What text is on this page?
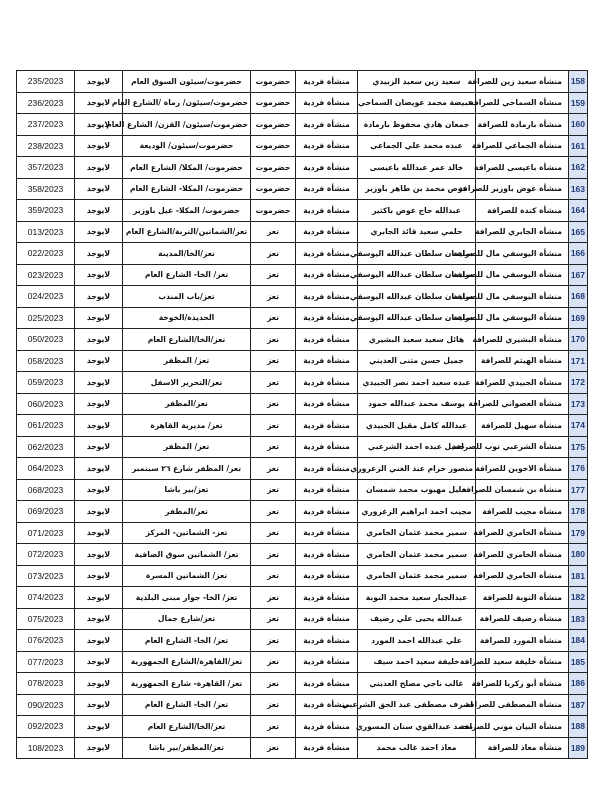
158	منشأة سعيد زين للصرافة	سعيد زين سعيد الزبيدي	منشأة فردية	حضرموت	حضرموت/سيئون السوق العام	لايوجد	235/2023
159	منشأة السماحي للصرافة	عبيضة محمد عويضان السماحي	منشأة فردية	حضرموت	حضرموت/سيئون/ رماة /الشارع العام	لايوجد	236/2023
160	منشأة بارمادة للصرافة	جمعان هادي محفوظ بارمادة	منشأة فردية	حضرموت	حضرموت/سيئون/ القزن/ الشارع العام	لايوجد	237/2023
161	منشأة الجماعي للصرافة	عبده محمد علي الجماعي	منشأة فردية	حضرموت	حضرموت/سيئون/ الوديعة	لايوجد	238/2023
162	منشأة باعيسى للصرافة	خالد عمر عبدالله باعيسى	منشأة فردية	حضرموت	حضرموت/ المكلا/ الشارع العام	لايوجد	357/2023
163	منشأة عوض باوزير للصرافة	عوض محمد بن طاهر باوزير	منشأة فردية	حضرموت	حضرموت/ المكلا- الشارع العام	لايوجد	358/2023
164	منشأة كندة للصرافة	عبدالله حاج عوض باكثير	منشأة فردية	حضرموت	حضرموت/ المكلا- غيل باوزير	لايوجد	359/2023
165	منشأة الجابري للصرافة	حلمي سعيد قائد الجابري	منشأة فردية	تعز	تعز/الشماتين/التربة/الشارع العام	لايوجد	013/2023
166	منشأة اليوسفي مال للصرافة	سليمان سلطان عبدالله اليوسفي	منشأة فردية	تعز	تعز/الخا/المدينة	لايوجد	022/2023
167	منشأة اليوسفي مال للصرافة	سليمان سلطان عبدالله اليوسفي	منشأة فردية	تعز	تعز/ الخا- الشارع العام	لايوجد	023/2023
168	منشأة اليوسفي مال للصرافة	سليمان سلطان عبدالله اليوسفي	منشأة فردية	تعز	تعز/باب المندب	لايوجد	024/2023
169	منشأة اليوسفي مال للصرافة	سليمان سلطان عبدالله اليوسفي	منشأة فردية	تعز	الحديدة/الخوخة	لايوجد	025/2023
170	منشأة البشيري للصرافة	هائل سعيد سعيد البشيري	منشأة فردية	تعز	تعز/الخا/الشارع العام	لايوجد	050/2023
171	منشأة الهيثم للصرافة	جميل حسن مثنى العديني	منشأة فردية	تعز	تعز/ المظفر	لايوجد	058/2023
172	منشأة الجبيدي للصرافة	عبده سعيد احمد نصر الجبيدي	منشأة فردية	تعز	تعز/التحرير الاسفل	لايوجد	059/2023
173	منشأة العصواني للصرافة	يوسف محمد عبدالله حمود	منشأة فردية	تعز	تعز/المظفر	لايوجد	060/2023
174	منشأة سهيل للصرافة	عبدالله كامل مقبل الجبيدي	منشأة فردية	تعز	تعز/ مديرية القاهرة	لايوجد	061/2023
175	منشأة الشرعبي توب للصرافة	جميل عبده احمد الشرعبي	منشأة فردية	تعز	تعز/ المظفر	لايوجد	062/2023
176	منشأة الاخوين للصرافة	منصور حزام عبد الغني الزعروري	منشأة فردية	تعز	تعز/ المظفر شارع ٢٦ سبتمبر	لايوجد	064/2023
177	منشأة بن شمسان للصرافة	خليل مهيوب محمد شمسان	منشأة فردية	تعز	تعز/بير باشا	لايوجد	068/2023
178	منشأة مجيب للصرافة	مجيب احمد ابراهيم الزغروري	منشأة فردية	تعز	تعز/المظفر	لايوجد	069/2023
179	منشأة الخامري للصرافة	سمير محمد عثمان الخامري	منشأة فردية	تعز	تعز- الشماتين- المركز	لايوجد	071/2023
180	منشأة الخامري للصرافة	سمير محمد عثمان الخامري	منشأة فردية	تعز	تعز/ الشماتين سوق الصافية	لايوجد	072/2023
181	منشأة الخامري للصرافة	سمير محمد عثمان الخامري	منشأة فردية	تعز	تعز/ الشماتين المسرة	لايوجد	073/2023
182	منشأة النوبة للصرافة	عبدالجبار سعيد محمد النوبة	منشأة فردية	تعز	تعز/ الخا- جوار مبنى البلدية	لايوجد	074/2023
183	منشأة رضيف للصرافة	عبدالله يحيى علي رضيف	منشأة فردية	تعز	تعز/شارع جمال	لايوجد	075/2023
184	منشأة المورد للصرافة	علي عبدالله احمد المورد	منشأة فردية	تعز	تعز/ الخا- الشارع العام	لايوجد	076/2023
185	منشأة خليفة سعيد للصرافة	خليفة سعيد احمد سيف	منشأة فردية	تعز	تعز/القاهرة/الشارع الجمهورية	لايوجد	077/2023
186	منشأة أبو زكريا للصرافة	غالب ناجي مصلح العديني	منشأة فردية	تعز	تعز/ القاهرة- شارع الجمهورية	لايوجد	078/2023
187	منشأة المصطفى للصرافة	اشرف مصطفى عبد الحق الشرعبي	منشأة فردية	تعز	تعز/ الخا- الشارع العام	لايوجد	090/2023
188	منشأة البيان موني للصرافة	محمد عبدالقوي سنان المسوري	منشأة فردية	تعز	تعز/الخا/الشارع العام	لايوجد	092/2023
189	منشأة معاذ للصرافة	معاذ احمد غالب محمد	منشأة فردية	تعز	تعز/المظفر/بير باشا	لايوجد	108/2023
